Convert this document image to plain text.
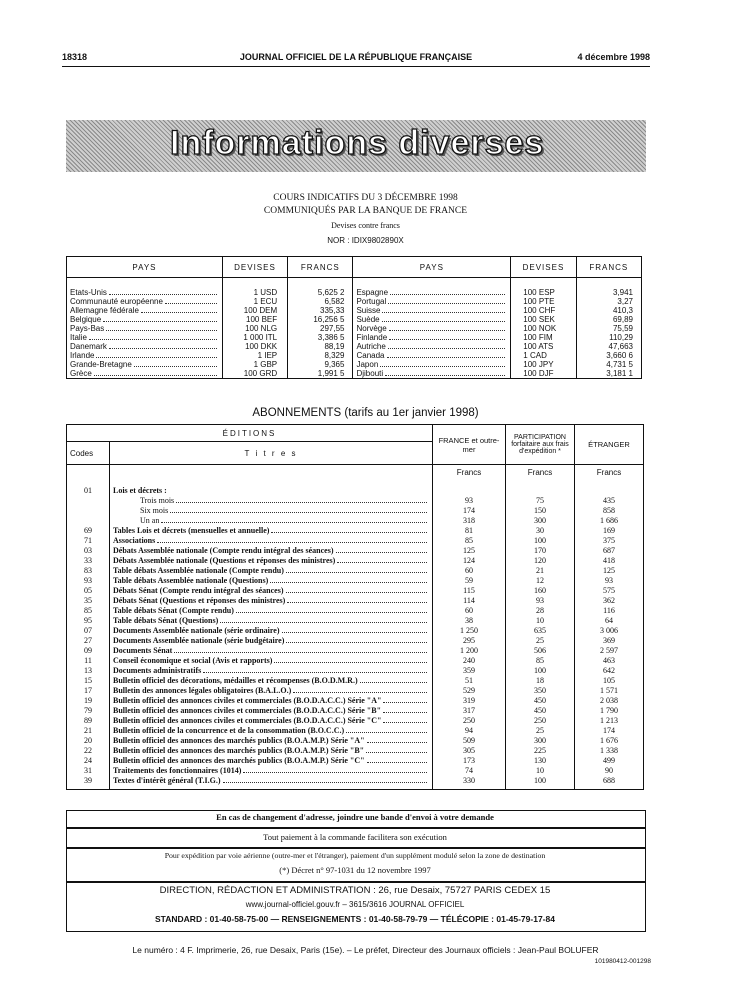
18318	JOURNAL OFFICIEL DE LA RÉPUBLIQUE FRANÇAISE	4 décembre 1998
Informations diverses
COURS INDICATIFS DU 3 DÉCEMBRE 1998
COMMUNIQUÉS PAR LA BANQUE DE FRANCE
Devises contre francs
NOR : IDIX9802890X
PAYS	DEVISES	FRANCS	PAYS	DEVISES	FRANCS

Etats-Unis	1 USD	5,625 2	Espagne	100 ESP	3,941

Communauté européenne	1 ECU	6,582	Portugal	100 PTE	3,27

Allemagne fédérale	100 DEM	335,33	Suisse	100 CHF	410,3

Belgique	100 BEF	16,256 5	Suède	100 SEK	69,89

Pays-Bas	100 NLG	297,55	Norvège	100 NOK	75,59

Italie	1 000 ITL	3,386 5	Finlande	100 FIM	110,29

Danemark	100 DKK	88,19	Autriche	100 ATS	47,663

Irlande	1 IEP	8,329	Canada	1 CAD	3,660 6

Grande-Bretagne	1 GBP	9,365	Japon	100 JPY	4,731 5

Grèce	100 GRD	1,991 5	Djibouti	100 DJF	3,181 1
ABONNEMENTS (tarifs au 1er janvier 1998)
ÉDITIONS		FRANCE et outre-mer	PARTICIPATION forfaitaire aux frais d'expédition *	ÉTRANGER
Codes	T i t r e s			
		Francs	Francs	Francs
01	Lois et décrets :			

	Trois mois	93	75	435

	Six mois	174	150	858

	Un an	318	300	1 686
69	Tables Lois et décrets (mensuelles et annuelle)	81	30	169
71	Associations	85	100	375
03	Débats Assemblée nationale (Compte rendu intégral des séances)	125	170	687
33	Débats Assemblée nationale (Questions et réponses des ministres)	124	120	418
83	Table débats Assemblée nationale (Compte rendu)	60	21	125
93	Table débats Assemblée nationale (Questions)	59	12	93
05	Débats Sénat (Compte rendu intégral des séances)	115	160	575
35	Débats Sénat (Questions et réponses des ministres)	114	93	362
85	Table débats Sénat (Compte rendu)	60	28	116
95	Table débats Sénat (Questions)	38	10	64
07	Documents Assemblée nationale (série ordinaire)	1 250	635	3 006
27	Documents Assemblée nationale (série budgétaire)	295	25	369
09	Documents Sénat	1 200	506	2 597
11	Conseil économique et social (Avis et rapports)	240	85	463
13	Documents administratifs	359	100	642
15	Bulletin officiel des décorations, médailles et récompenses (B.O.D.M.R.)	51	18	105
17	Bulletin des annonces légales obligatoires (B.A.L.O.)	529	350	1 571
19	Bulletin officiel des annonces civiles et commerciales (B.O.D.A.C.C.) Série "A"	319	450	2 038
79	Bulletin officiel des annonces civiles et commerciales (B.O.D.A.C.C.) Série "B"	317	450	1 790
89	Bulletin officiel des annonces civiles et commerciales (B.O.D.A.C.C.) Série "C"	250	250	1 213
21	Bulletin officiel de la concurrence et de la consommation (B.O.C.C.)	94	25	174
20	Bulletin officiel des annonces des marchés publics (B.O.A.M.P.) Série "A"	509	300	1 676
22	Bulletin officiel des annonces des marchés publics (B.O.A.M.P.) Série "B"	305	225	1 338
24	Bulletin officiel des annonces des marchés publics (B.O.A.M.P.) Série "C"	173	130	499
31	Traitements des fonctionnaires (1014)	74	10	90
39	Textes d'intérêt général (T.I.G.)	330	100	688

En cas de changement d'adresse, joindre une bande d'envoi à votre demande
Tout paiement à la commande facilitera son exécution
Pour expédition par voie aérienne (outre-mer et l'étranger), paiement d'un supplément modulé selon la zone de destination
(*) Décret n° 97-1031 du 12 novembre 1997
DIRECTION, RÉDACTION ET ADMINISTRATION : 26, rue Desaix, 75727 PARIS CEDEX 15
www.journal-officiel.gouv.fr – 3615/3616 JOURNAL OFFICIEL
STANDARD : 01-40-58-75-00 — RENSEIGNEMENTS : 01-40-58-79-79 — TÉLÉCOPIE : 01-45-79-17-84
Le numéro : 4 F. Imprimerie, 26, rue Desaix, Paris (15e). – Le préfet, Directeur des Journaux officiels : Jean-Paul BOLUFER
101980412-001298
